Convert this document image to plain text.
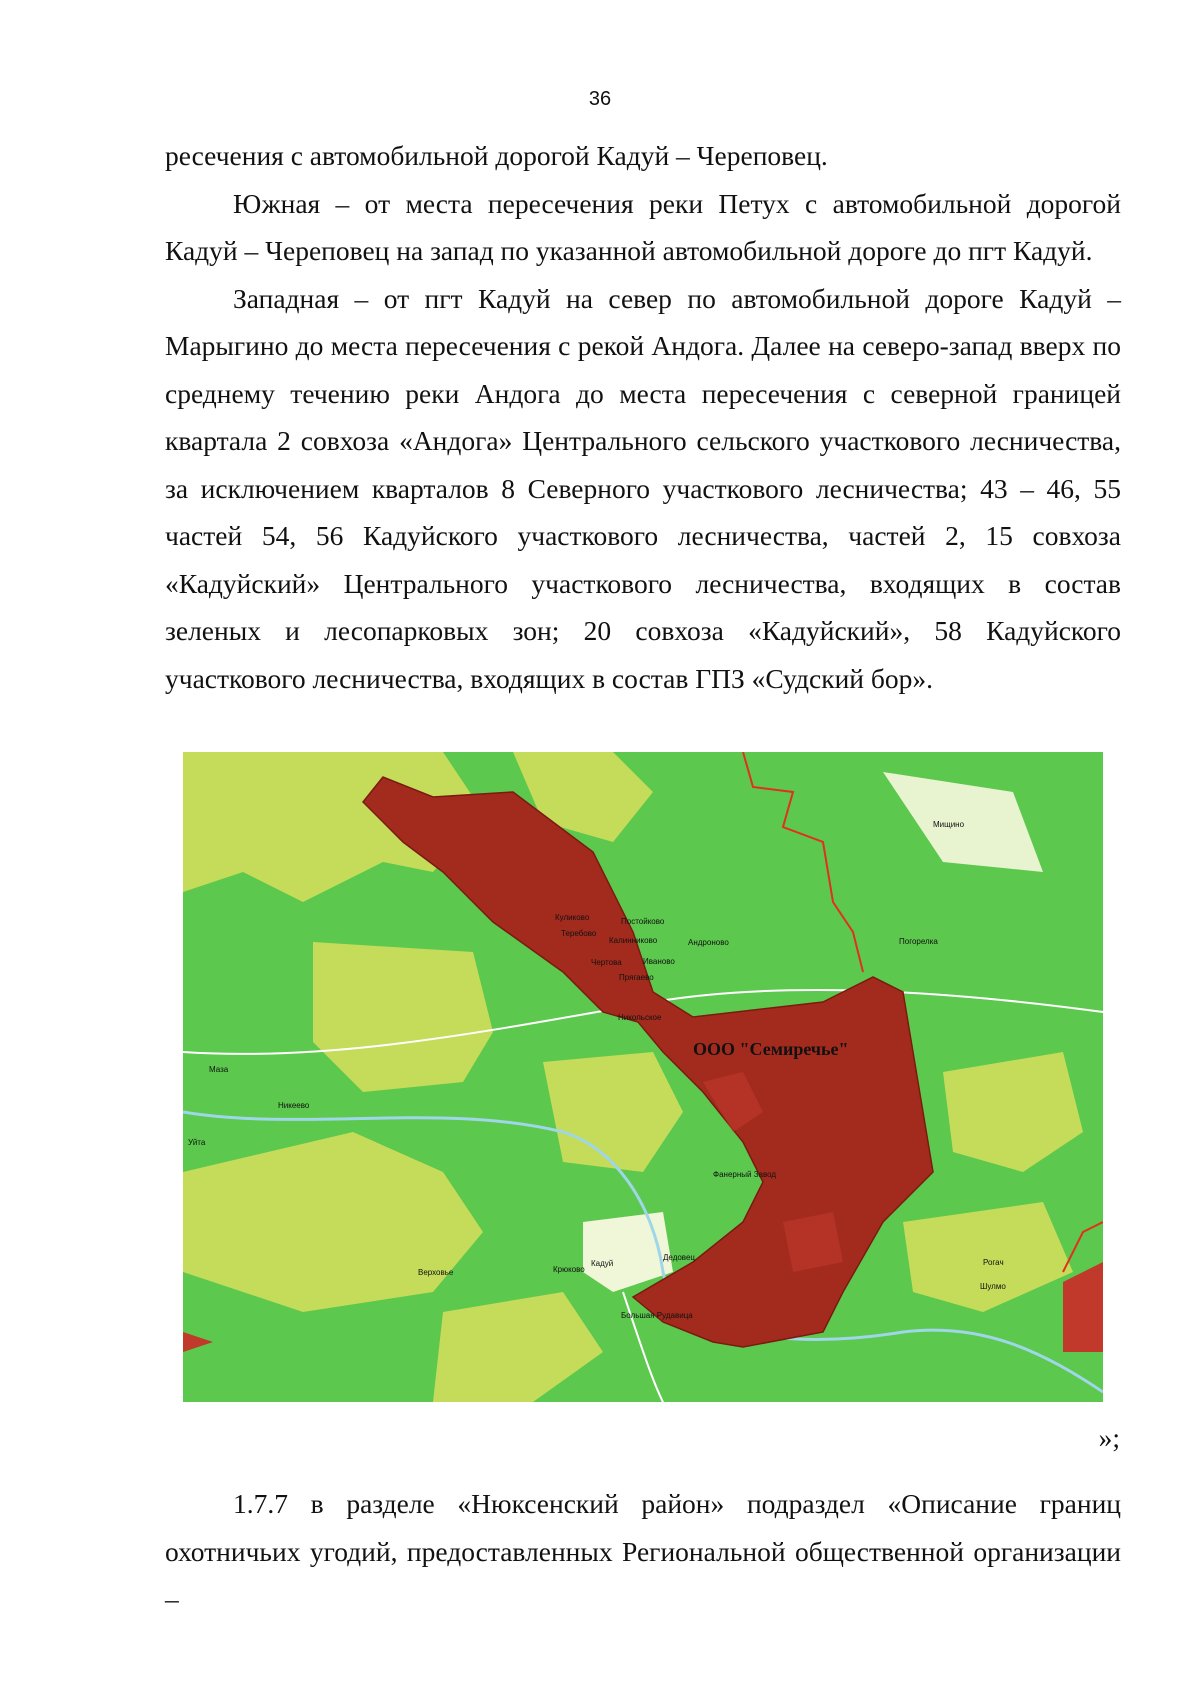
36

ресечения с автомобильной дорогой Кадуй – Череповец.

Южная – от места пересечения реки Петух с автомобильной дорогой Кадуй – Череповец на запад по указанной автомобильной дороге до пгт Кадуй.

Западная – от пгт Кадуй на север по автомобильной дороге Кадуй – Марыгино до места пересечения с рекой Андога. Далее на северо-запад вверх по среднему течению реки Андога до места пересечения с северной границей квартала 2 совхоза «Андога» Центрального сельского участкового лесничества, за исключением кварталов 8 Северного участкового лесничества; 43 – 46, 55 частей 54, 56 Кадуйского участкового лесничества, частей 2, 15 совхоза «Кадуйский» Центрального участкового лесничества, входящих в состав зеленых и лесопарковых зон; 20 совхоза «Кадуйский», 58 Кадуйского участкового лесничества, входящих в состав ГПЗ «Судский бор».

ООО "Семиречье"
Мищино
Куликово	Постойково
Теребово
Калинниково	Андроново	Погорелка
Чертова	Иваново
Прягаево
Никольское
Маза
Никеево
Уйта
Фанерный Завод
Дедовец
Верховье	Крюково
Кадуй	Рогач
Шулмо
Большая Рудавица
»;

1.7.7 в разделе «Нюксенский район» подраздел «Описание границ охотничьих угодий, предоставленных Региональной общественной организации –
